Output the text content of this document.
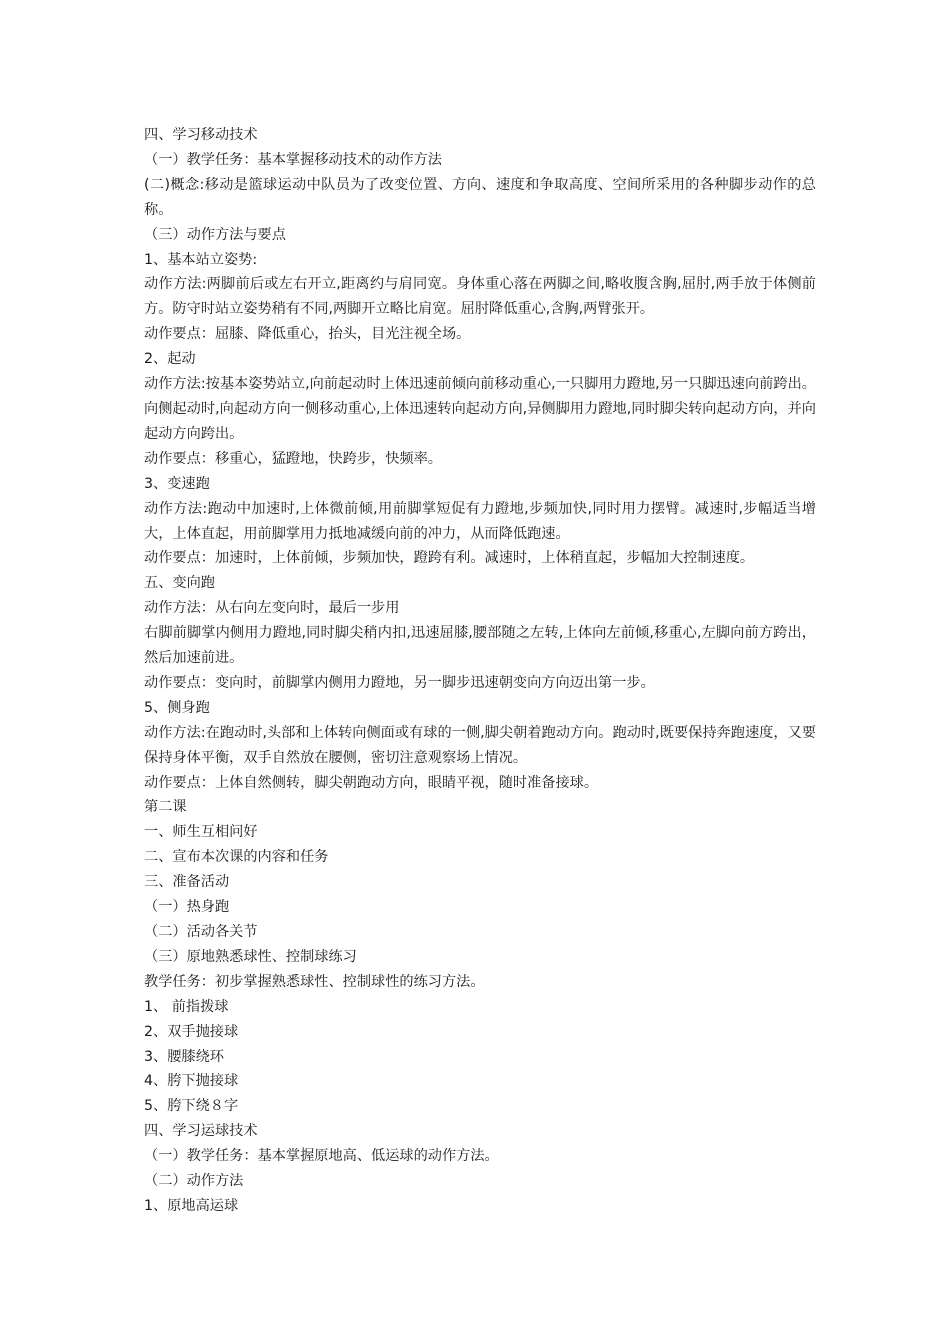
四、学习移动技术

（一）教学任务：基本掌握移动技术的动作方法

(二)概念:移动是篮球运动中队员为了改变位置、方向、速度和争取高度、空间所采用的各种脚步动作的总称。

（三）动作方法与要点

1、基本站立姿势:

动作方法:两脚前后或左右开立,距离约与肩同宽。身体重心落在两脚之间,略收腹含胸,屈肘,两手放于体侧前方。防守时站立姿势稍有不同,两脚开立略比肩宽。屈肘降低重心,含胸,两臂张开。

动作要点：屈膝、降低重心，抬头，目光注视全场。

2、起动

动作方法:按基本姿势站立,向前起动时上体迅速前倾向前移动重心,一只脚用力蹬地,另一只脚迅速向前跨出。向侧起动时,向起动方向一侧移动重心,上体迅速转向起动方向,异侧脚用力蹬地,同时脚尖转向起动方向，并向起动方向跨出。

动作要点：移重心，猛蹬地，快跨步，快频率。

3、变速跑

动作方法:跑动中加速时,上体微前倾,用前脚掌短促有力蹬地,步频加快,同时用力摆臂。减速时,步幅适当增大，上体直起，用前脚掌用力抵地减缓向前的冲力，从而降低跑速。

动作要点：加速时，上体前倾，步频加快，蹬跨有利。减速时，上体稍直起，步幅加大控制速度。

五、变向跑

动作方法：从右向左变向时，最后一步用

右脚前脚掌内侧用力蹬地,同时脚尖稍内扣,迅速屈膝,腰部随之左转,上体向左前倾,移重心,左脚向前方跨出，然后加速前进。

动作要点：变向时，前脚掌内侧用力蹬地，另一脚步迅速朝变向方向迈出第一步。

5、侧身跑

动作方法:在跑动时,头部和上体转向侧面或有球的一侧,脚尖朝着跑动方向。跑动时,既要保持奔跑速度，又要保持身体平衡，双手自然放在腰侧，密切注意观察场上情况。

动作要点：上体自然侧转，脚尖朝跑动方向，眼睛平视，随时准备接球。

第二课

一、师生互相问好

二、宣布本次课的内容和任务

三、准备活动

（一）热身跑

（二）活动各关节

（三）原地熟悉球性、控制球练习

教学任务：初步掌握熟悉球性、控制球性的练习方法。

1、 前指拨球

2、双手抛接球

3、腰膝绕环

4、胯下抛接球

5、胯下绕８字

四、学习运球技术

（一）教学任务：基本掌握原地高、低运球的动作方法。

（二）动作方法

1、原地高运球
